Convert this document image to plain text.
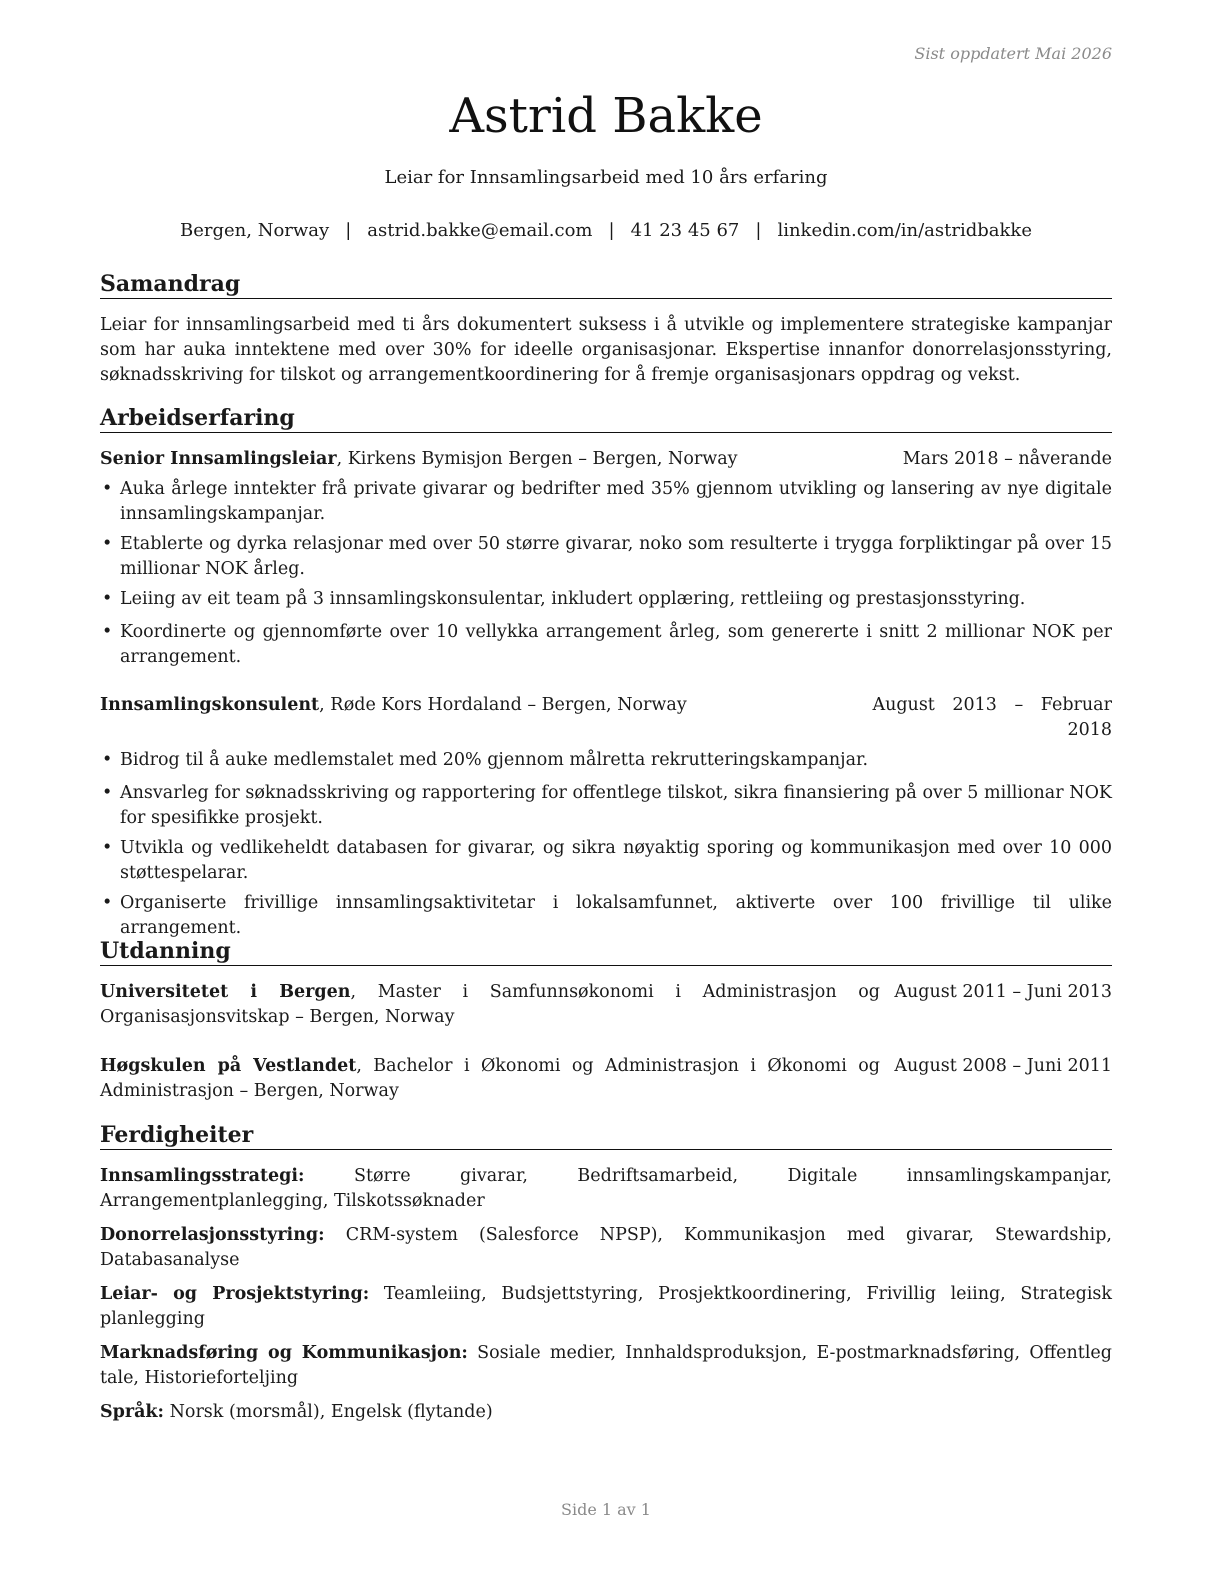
Sist oppdatert Mai 2026
Astrid Bakke
Leiar for Innsamlingsarbeid med 10 års erfaring
Bergen, Norway | astrid.bakke@email.com | 41 23 45 67 | linkedin.com/in/astridbakke
Samandrag

Leiar for innsamlingsarbeid med ti års dokumentert suksess i å utvikle og implementere strategiske kampanjar som har auka inntektene med over 30% for ideelle organisasjonar. Ekspertise innanfor donorrelasjonsstyring, søknadsskriving for tilskot og arrangementkoordinering for å fremje organisasjonars oppdrag og vekst.

Arbeidserfaring
Senior Innsamlingsleiar, Kirkens Bymisjon Bergen – Bergen, Norway	Mars 2018 – nåverande
• Auka årlege inntekter frå private givarar og bedrifter med 35% gjennom utvikling og lansering av nye digitale innsamlingskampanjar.
• Etablerte og dyrka relasjonar med over 50 større givarar, noko som resulterte i trygga forpliktingar på over 15 millionar NOK årleg.
• Leiing av eit team på 3 innsamlingskonsulentar, inkludert opplæring, rettleiing og prestasjonsstyring.
• Koordinerte og gjennomførte over 10 vellykka arrangement årleg, som genererte i snitt 2 millionar NOK per arrangement.
Innsamlingskonsulent, Røde Kors Hordaland – Bergen, Norway	August 2013 – Februar
2018
• Bidrog til å auke medlemstalet med 20% gjennom målretta rekrutteringskampanjar.
• Ansvarleg for søknadsskriving og rapportering for offentlege tilskot, sikra finansiering på over 5 millionar NOK for spesifikke prosjekt.
• Utvikla og vedlikeheldt databasen for givarar, og sikra nøyaktig sporing og kommunikasjon med over 10 000 støttespelarar.
• Organiserte frivillige innsamlingsaktivitetar i lokalsamfunnet, aktiverte over 100 frivillige til ulike arrangement.
Utdanning
Universitetet i Bergen, Master i Samfunnsøkonomi i Administrasjon og Organisasjonsvitskap – Bergen, Norway
August 2011 – Juni 2013
Høgskulen på Vestlandet, Bachelor i Økonomi og Administrasjon i Økonomi og Administrasjon – Bergen, Norway
August 2008 – Juni 2011
Ferdigheiter
Innsamlingsstrategi: Større givarar, Bedriftsamarbeid, Digitale innsamlingskampanjar, Arrangementplanlegging, Tilskotssøknader
Donorrelasjonsstyring: CRM-system (Salesforce NPSP), Kommunikasjon med givarar, Stewardship, Databasanalyse
Leiar- og Prosjektstyring: Teamleiing, Budsjettstyring, Prosjektkoordinering, Frivillig leiing, Strategisk planlegging
Marknadsføring og Kommunikasjon: Sosiale medier, Innhaldsproduksjon, E-postmarknadsføring, Offentleg tale, Historieforteljing
Språk: Norsk (morsmål), Engelsk (flytande)
Side 1 av 1
